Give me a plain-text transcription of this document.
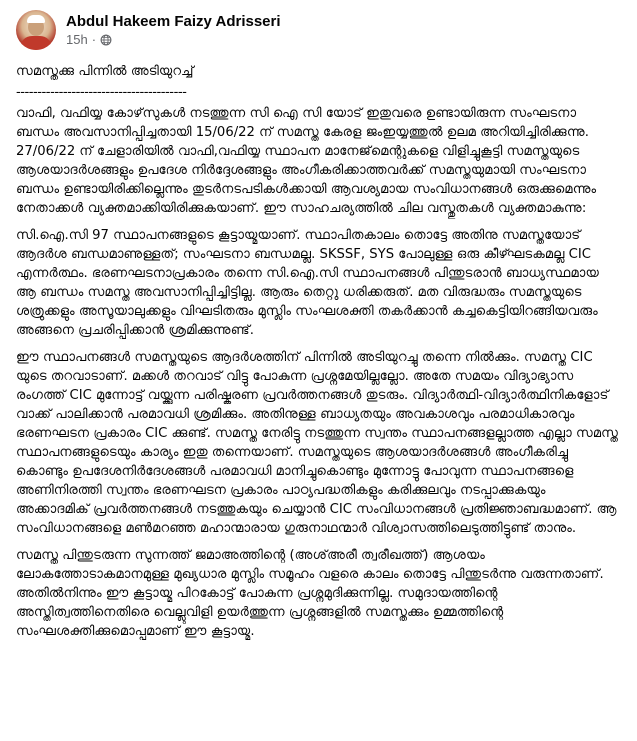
Abdul Hakeem Faizy Adrisseri
15h ·

സമസ്തക്കു പിന്നിൽ അടിയുറച്ച്

----------------------------------------

വാഫി, വഫിയ്യ കോഴ്‌സുകൾ നടത്തുന്ന സി ഐ സി യോട് ഇതുവരെ ഉണ്ടായിരുന്ന സംഘടനാ ബന്ധം അവസാനിപ്പിച്ചതായി 15/06/22 ന് സമസ്ത കേരള ജംഇയ്യത്തുൽ ഉലമ അറിയിച്ചിരിക്കുന്നു. 27/06/22 ന് ചേളാരിയിൽ വാഫി,വഫിയ്യ സ്ഥാപന മാനേജ്‌മെന്റുകളെ വിളിച്ചുകൂട്ടി സമസ്തയുടെ ആശയാദർശങ്ങളും ഉപദേശ നിർദ്ദേശങ്ങളും അംഗീകരിക്കാത്തവർക്ക് സമസ്തയുമായി സംഘടനാ ബന്ധം ഉണ്ടായിരിക്കില്ലെന്നും തുടർനടപടികൾക്കായി ആവശ്യമായ സംവിധാനങ്ങൾ ഒരുക്കുമെന്നും നേതാക്കൾ വ്യക്തമാക്കിയിരിക്കുകയാണ്. ഈ സാഹചര്യത്തിൽ ചില വസ്തുതകൾ വ്യക്തമാകുന്നു:

സി.ഐ.സി 97 സ്ഥാപനങ്ങളുടെ കൂട്ടായ്മയാണ്. സ്ഥാപിതകാലം തൊട്ടേ അതിനു സമസ്തയോട് ആദർശ ബന്ധമാണുള്ളത്; സംഘടനാ ബന്ധമല്ല. SKSSF, SYS പോലുള്ള ഒരു കീഴ്ഘടകമല്ല CIC എന്നർത്ഥം. ഭരണഘടനാപ്രകാരം തന്നെ സി.ഐ.സി സ്ഥാപനങ്ങൾ പിന്തുടരാൻ ബാധ്യസ്ഥമായ ആ ബന്ധം സമസ്ത അവസാനിപ്പിച്ചിട്ടില്ല. ആരും തെറ്റു ധരിക്കരുത്. മത വിരുദ്ധരും സമസ്തയുടെ ശത്രുക്കളും അസൂയാലുക്കളും വിഘടിതരും മുസ്ലിം സംഘശക്തി തകർക്കാൻ കച്ചകെട്ടിയിറങ്ങിയവരും അങ്ങനെ പ്രചരിപ്പിക്കാൻ ശ്രമിക്കുന്നുണ്ട്.

ഈ സ്ഥാപനങ്ങൾ സമസ്തയുടെ ആദർശത്തിന് പിന്നിൽ അടിയുറച്ചു തന്നെ നിൽക്കും. സമസ്ത CIC യുടെ തറവാടാണ്. മക്കൾ തറവാട് വിട്ടു പോകുന്ന പ്രശ്നമേയില്ലല്ലോ. അതേ സമയം വിദ്യാഭ്യാസ രംഗത്ത് CIC മുന്നോട്ട് വയ്ക്കുന്ന പരിഷ്കരണ പ്രവർത്തനങ്ങൾ തുടരും. വിദ്യാർത്ഥി-വിദ്യാർത്ഥിനികളോട് വാക്ക് പാലിക്കാൻ പരമാവധി ശ്രമിക്കും. അതിനുള്ള ബാധ്യതയും അവകാശവും പരമാധികാരവും ഭരണഘടന പ്രകാരം CIC ക്കുണ്ട്. സമസ്ത നേരിട്ടു നടത്തുന്ന സ്വന്തം സ്ഥാപനങ്ങളല്ലാത്ത എല്ലാ സമസ്ത സ്ഥാപനങ്ങളുടെയും കാര്യം ഇതു തന്നെയാണ്. സമസ്തയുടെ ആശയാദർശങ്ങൾ അംഗീകരിച്ചു കൊണ്ടും ഉപദേശനിർദേശങ്ങൾ പരമാവധി മാനിച്ചുകൊണ്ടും മുന്നോട്ടു പോവുന്ന സ്ഥാപനങ്ങളെ അണിനിരത്തി സ്വന്തം ഭരണഘടന പ്രകാരം പാഠ്യപദ്ധതികളും കരിക്കുലവും നടപ്പാക്കുകയും അക്കാദമിക് പ്രവർത്തനങ്ങൾ നടത്തുകയും ചെയ്യാൻ CIC സംവിധാനങ്ങൾ പ്രതിജ്ഞാബദ്ധമാണ്. ആ സംവിധാനങ്ങളെ മൺമറഞ്ഞ മഹാന്മാരായ ഗുരുനാഥന്മാർ വിശ്വാസത്തിലെടുത്തിട്ടുണ്ട് താനും.

സമസ്ത പിന്തുടരുന്ന സുന്നത്ത് ജമാഅത്തിന്റെ (അശ്അരീ ത്വരീഖത്ത്) ആശയം ലോകത്തോടാകമാനമുള്ള മുഖ്യധാര മുസ്ലിം സമൂഹം വളരെ കാലം തൊട്ടേ പിന്തുടർന്നു വരുന്നതാണ്. അതിൽനിന്നും ഈ കൂട്ടായ്മ പിറകോട്ട് പോകുന്ന പ്രശ്നമുദിക്കുന്നില്ല. സമുദായത്തിന്റെ അസ്തിത്വത്തിനെതിരെ വെല്ലുവിളി ഉയർത്തുന്ന പ്രശ്നങ്ങളിൽ സമസ്തക്കും ഉമ്മത്തിന്റെ സംഘശക്തിക്കുമൊപ്പമാണ് ഈ കൂട്ടായ്മ.
